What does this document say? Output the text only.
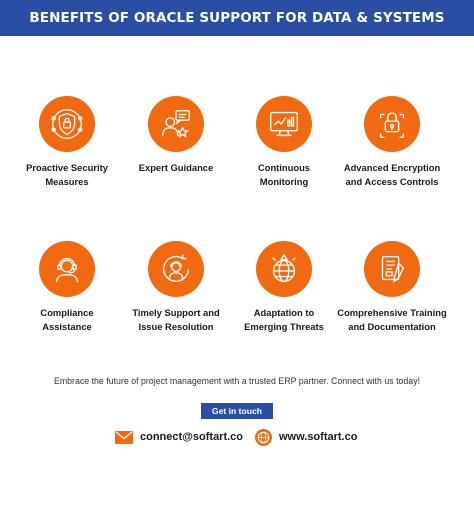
BENEFITS OF ORACLE SUPPORT FOR DATA & SYSTEMS
Proactive Security
Measures
Expert Guidance	Continuous
Monitoring
Advanced Encryption
and Access Controls
Compliance
Assistance
Timely Support and
Issue Resolution
Adaptation to
Emerging Threats
Comprehensive Training
and Documentation
Embrace the future of project management with a trusted ERP partner. Connect with us today!
Get in touch
connect@softart.co	www.softart.co
